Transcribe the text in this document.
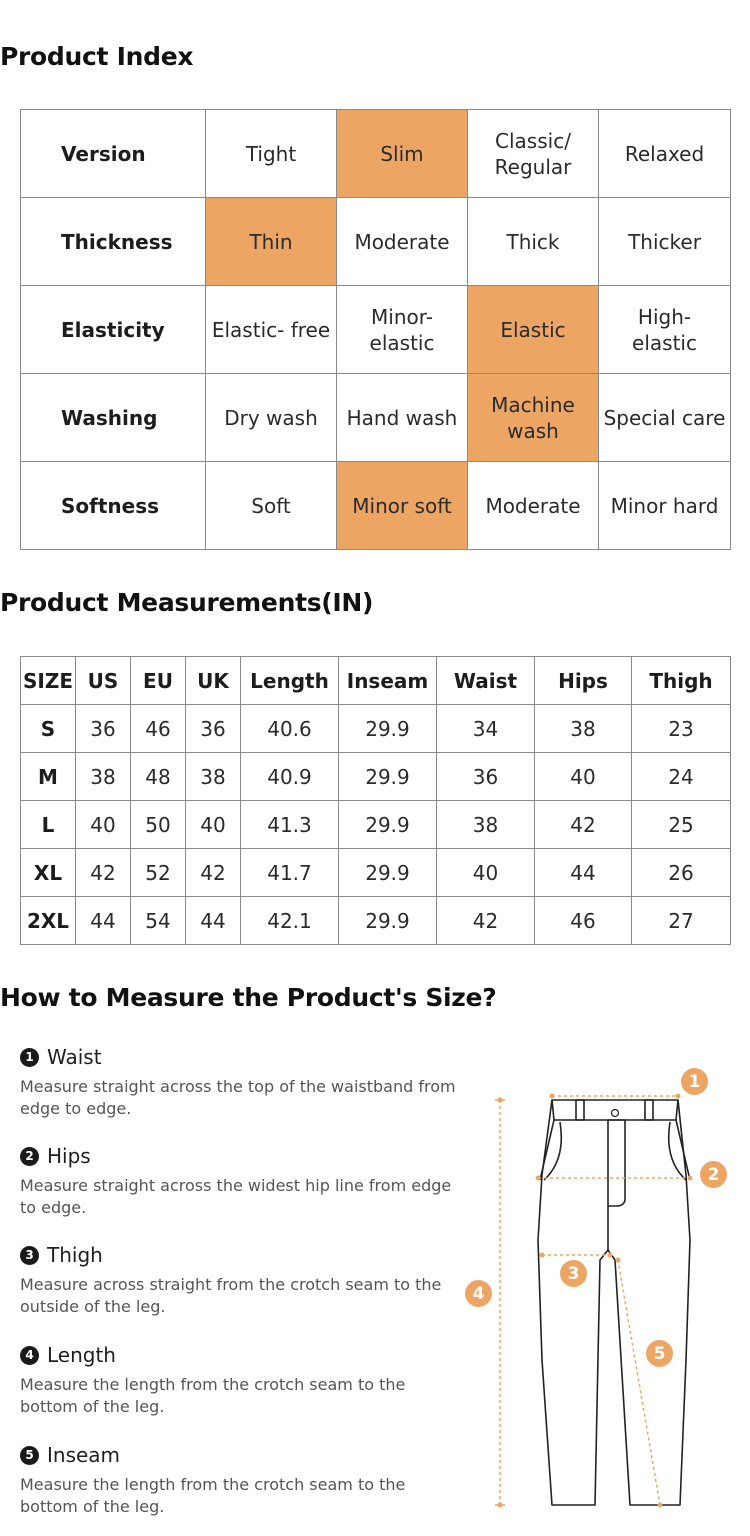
Product Index
Version	Tight	Slim	Classic/ Regular	Relaxed
Thickness	Thin	Moderate	Thick	Thicker
Elasticity	Elastic- free	Minor- elastic	Elastic	High- elastic
Washing	Dry wash	Hand wash	Machine wash	Special care
Softness	Soft	Minor soft	Moderate	Minor hard
Product Measurements(IN)
SIZE	US	EU	UK	Length	Inseam	Waist	Hips	Thigh
S	36	46	36	40.6	29.9	34	38	23
M	38	48	38	40.9	29.9	36	40	24
L	40	50	40	41.3	29.9	38	42	25
XL	42	52	42	41.7	29.9	40	44	26
2XL	44	54	44	42.1	29.9	42	46	27
How to Measure the Product's Size?
1 Waist
Measure straight across the top of the waistband from edge to edge.
2 Hips
Measure straight across the widest hip line from edge to edge.
3 Thigh
Measure across straight from the crotch seam to the outside of the leg.
4 Length
Measure the length from the crotch seam to the bottom of the leg.
5 Inseam
Measure the length from the crotch seam to the bottom of the leg.
1
2
3
4
5
